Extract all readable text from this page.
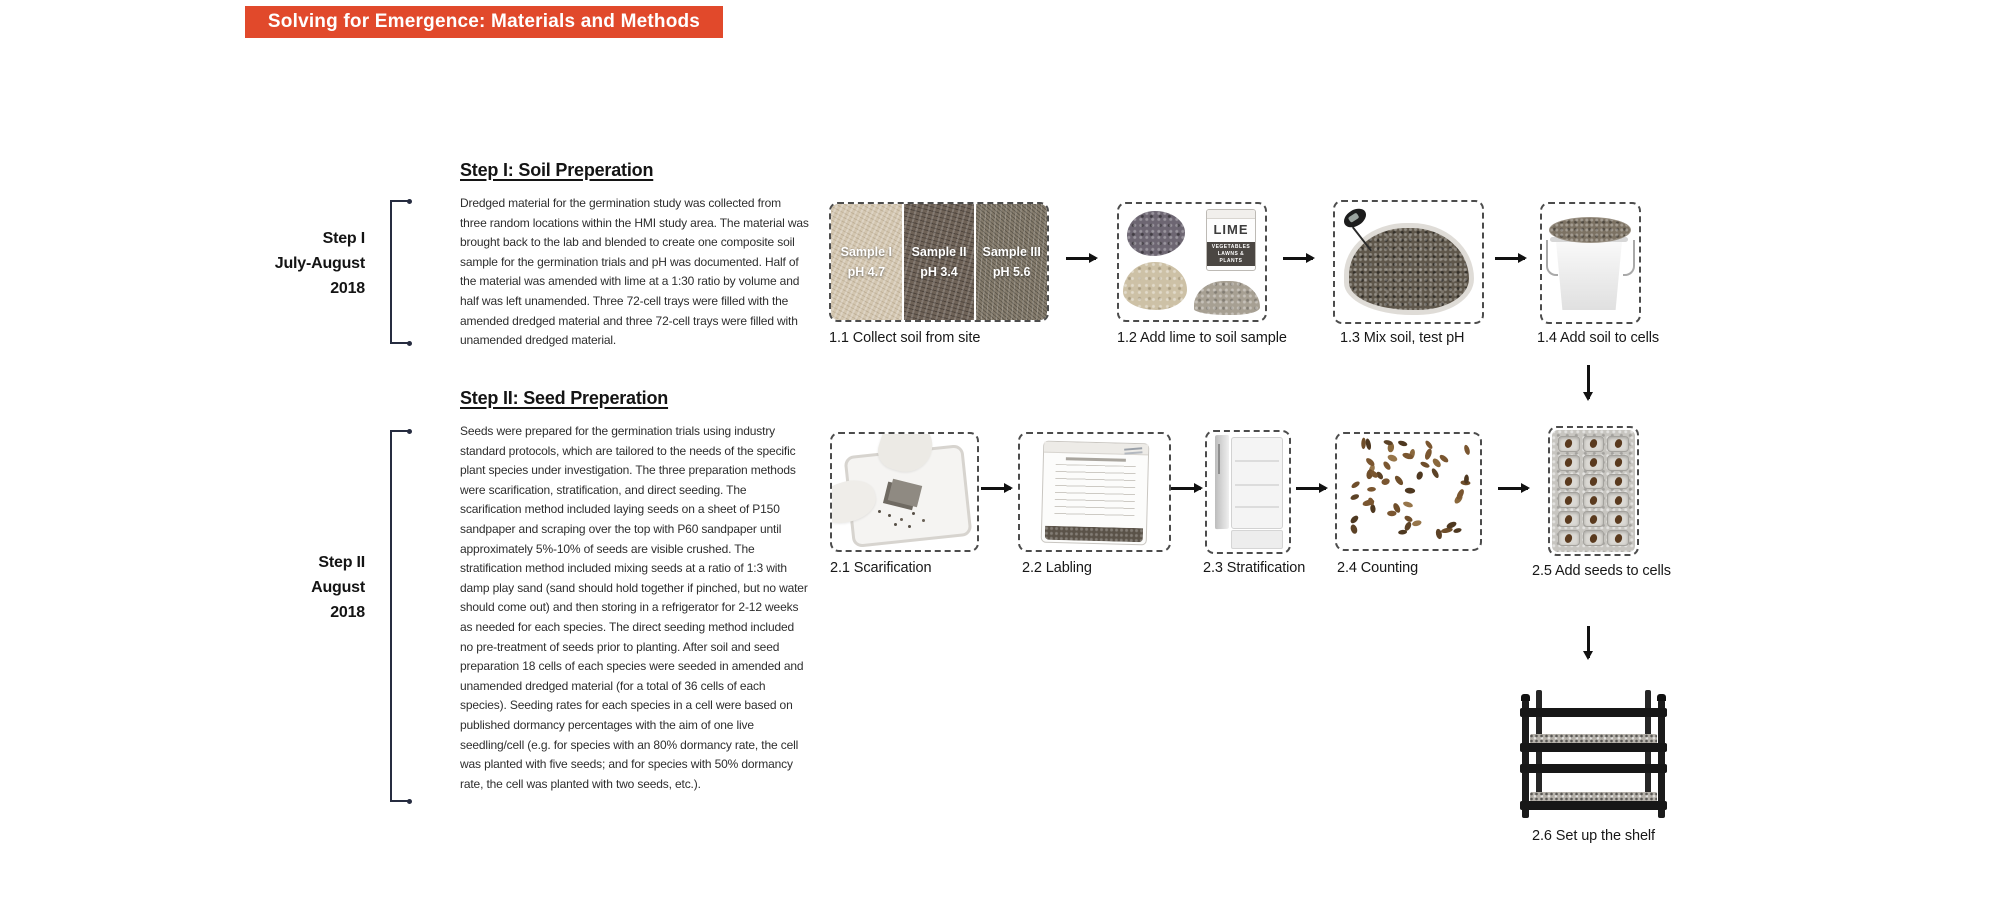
Solving for Emergence: Materials and Methods
Step I
July-August
2018
Step I: Soil Preperation
Dredged material for the germination study was collected from three random locations within the HMI study area. The material was brought back to the lab and blended to create one composite soil sample for the germination trials and pH was documented. Half of the material was amended with lime at a 1:30 ratio by volume and half was left unamended. Three 72-cell trays were filled with the amended dredged material and three 72-cell trays were filled with unamended dredged material.
Step II
August
2018
Step II: Seed Preperation
Seeds were prepared for the germination trials using industry standard protocols, which are tailored to the needs of the specific plant species under investigation. The three preparation methods were scarification, stratification, and direct seeding. The scarification method included laying seeds on a sheet of P150 sandpaper and scraping over the top with P60 sandpaper until approximately 5%-10% of seeds are visible crushed. The stratification method included mixing seeds at a ratio of 1:3 with damp play sand (sand should hold together if pinched, but no water should come out) and then storing in a refrigerator for 2-12 weeks as needed for each species. The direct seeding method included no pre-treatment of seeds prior to planting. After soil and seed preparation 18 cells of each species were seeded in amended and unamended dredged material (for a total of 36 cells of each species). Seeding rates for each species in a cell were based on published dormancy percentages with the aim of one live seedling/cell (e.g. for species with an 80% dormancy rate, the cell was planted with five seeds; and for species with 50% dormancy rate, the cell was planted with two seeds, etc.).
Sample I
pH 4.7
Sample II
pH 3.4
Sample III
pH 5.6
1.1 Collect soil from site
LIME
VEGETABLES LAWNS & PLANTS
1.2 Add lime to soil sample	1.3 Mix soil, test pH	1.4 Add soil to cells
2.1 Scarification	2.2 Labling	2.3 Stratification 2.4 Counting	2.5 Add seeds to cells
2.6 Set up the shelf
